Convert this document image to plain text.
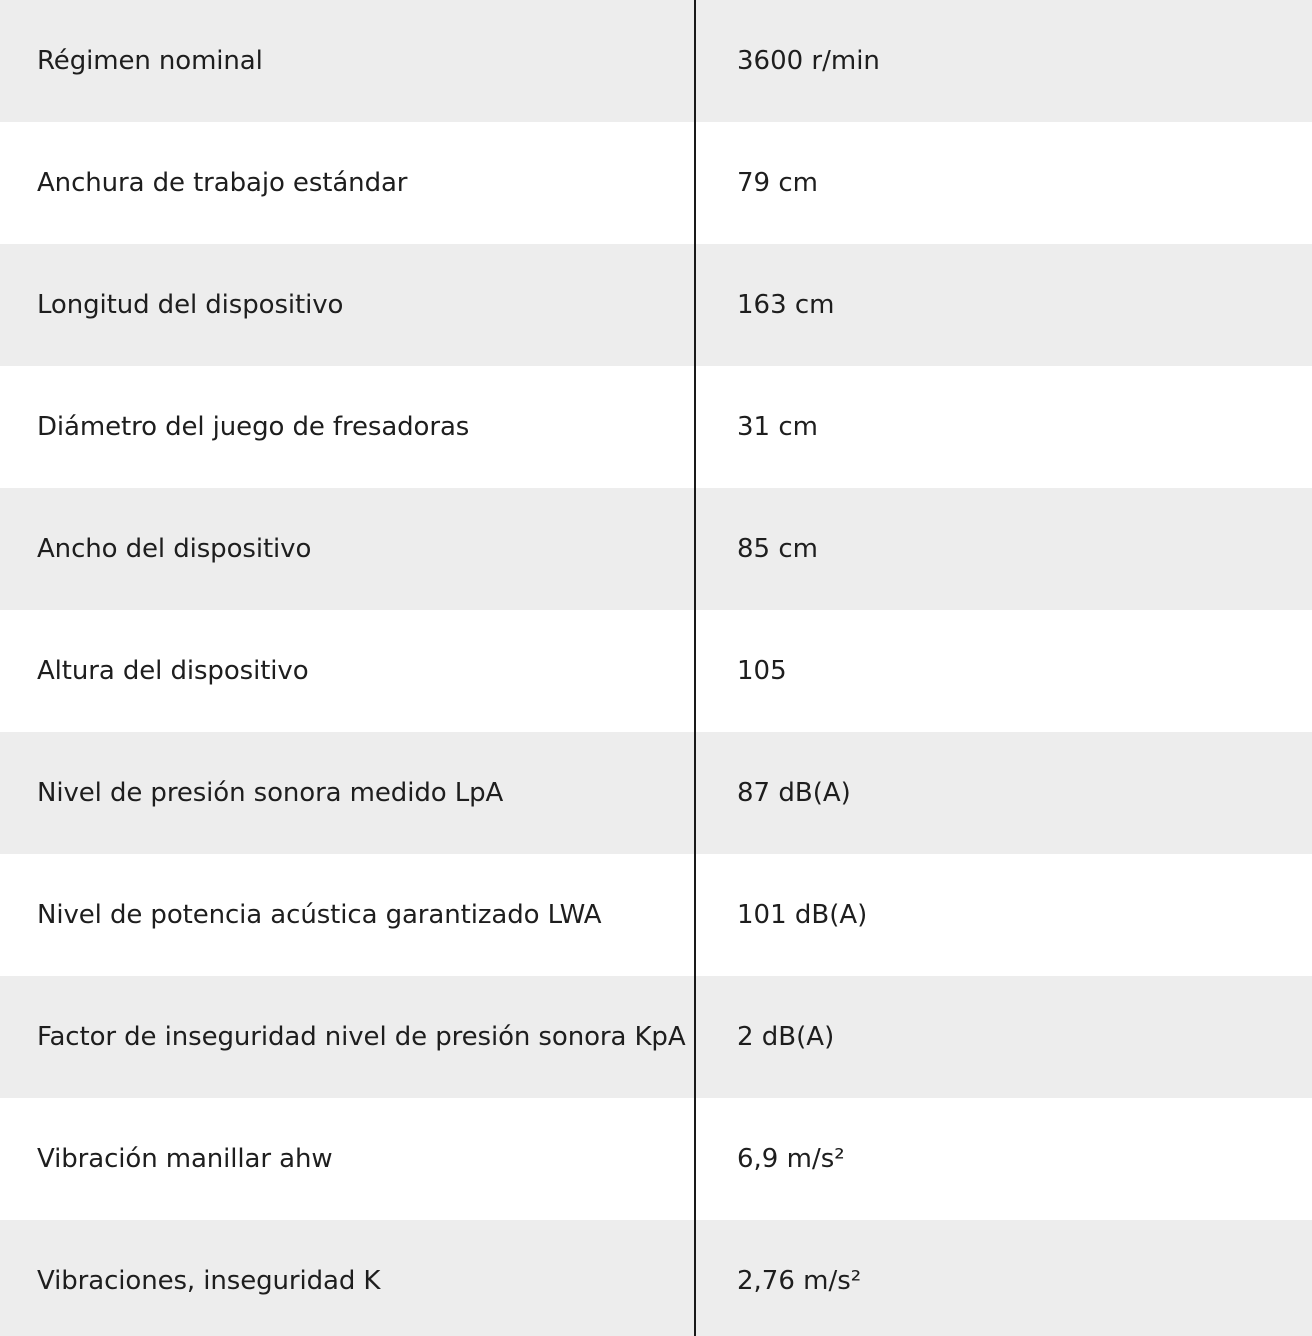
Régimen nominal	3600 r/min
Anchura de trabajo estándar	79 cm
Longitud del dispositivo	163 cm
Diámetro del juego de fresadoras	31 cm
Ancho del dispositivo	85 cm
Altura del dispositivo	105
Nivel de presión sonora medido LpA	87 dB(A)
Nivel de potencia acústica garantizado LWA	101 dB(A)
Factor de inseguridad nivel de presión sonora KpA	2 dB(A)
Vibración manillar ahw	6,9 m/s²
Vibraciones, inseguridad K	2,76 m/s²
